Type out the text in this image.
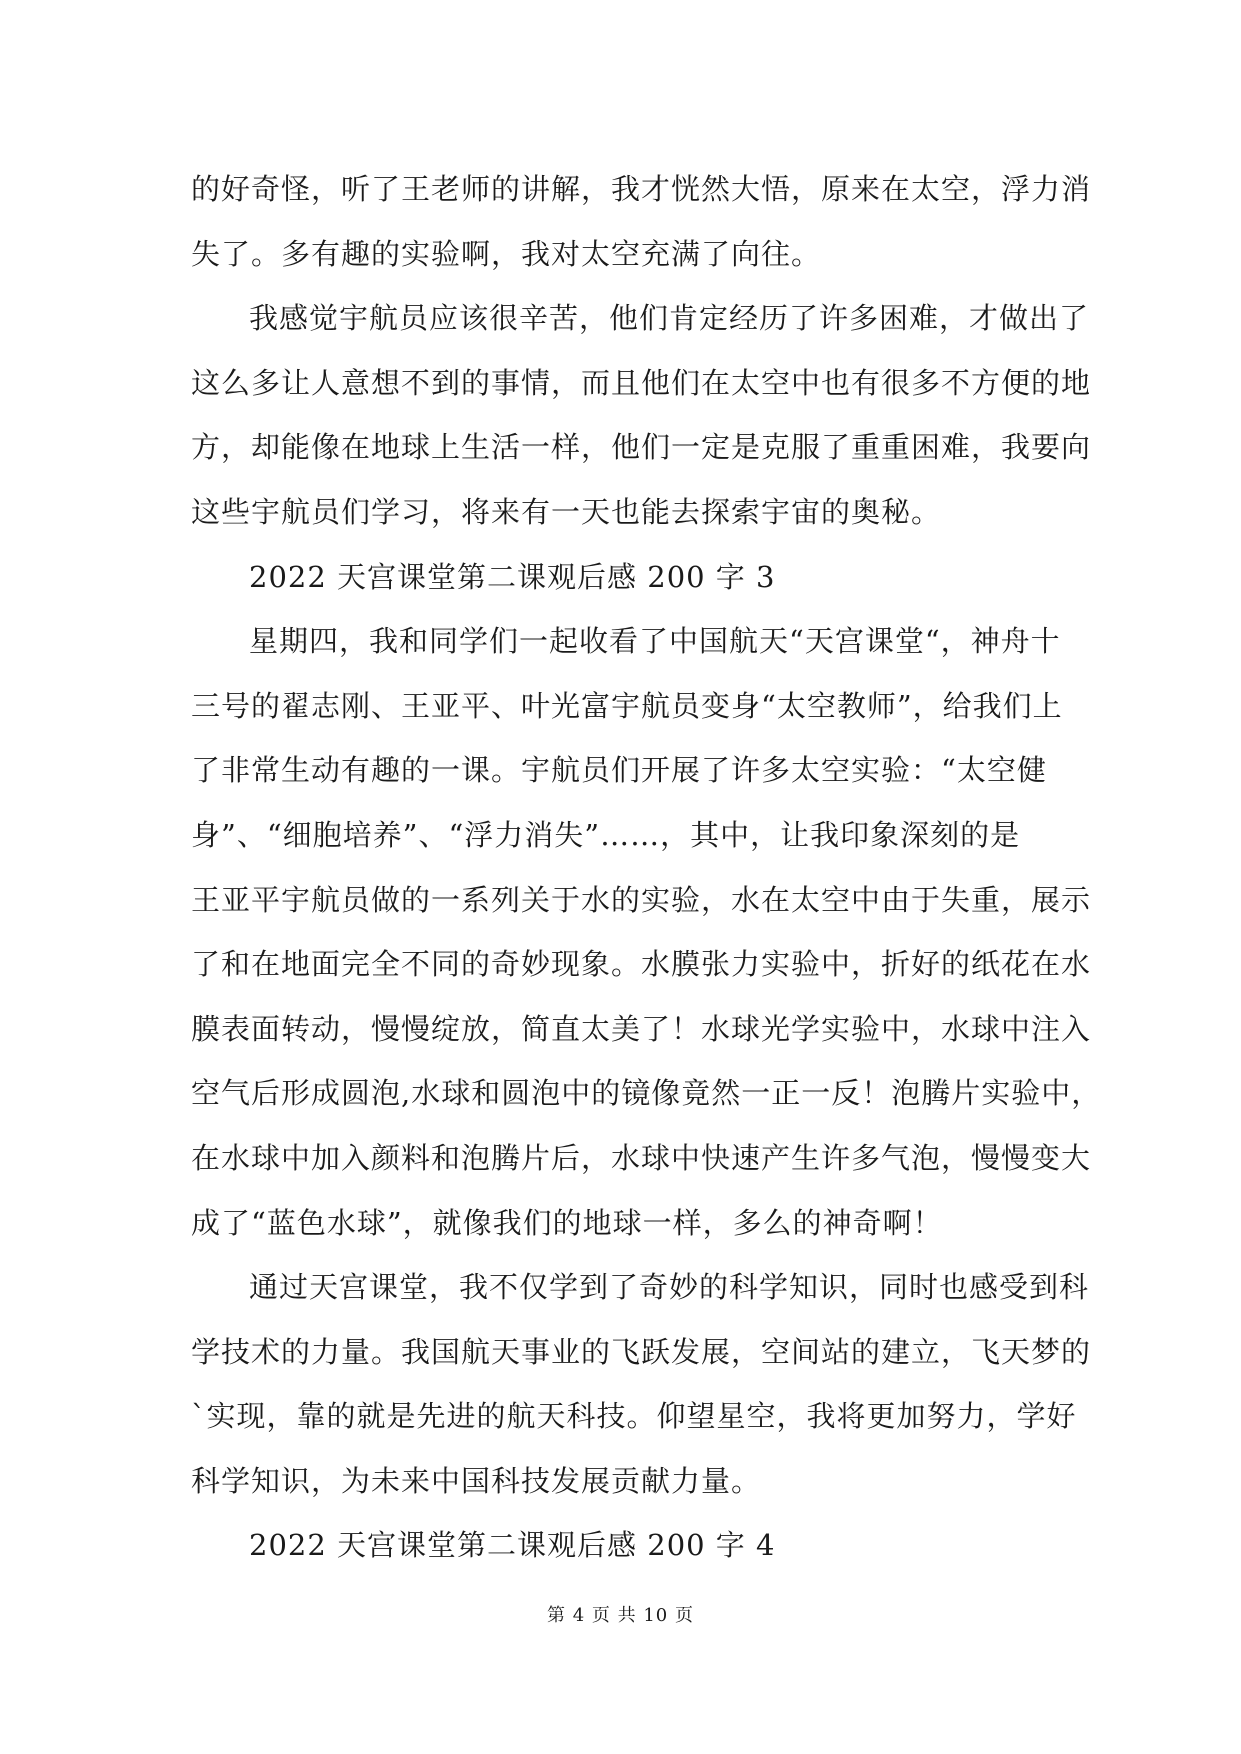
的好奇怪，听了王老师的讲解，我才恍然大悟，原来在太空，浮力消
失了。多有趣的实验啊，我对太空充满了向往。
我感觉宇航员应该很辛苦，他们肯定经历了许多困难，才做出了
这么多让人意想不到的事情，而且他们在太空中也有很多不方便的地
方，却能像在地球上生活一样，他们一定是克服了重重困难，我要向
这些宇航员们学习，将来有一天也能去探索宇宙的奥秘。
2022 天宫课堂第二课观后感 200 字 3
星期四，我和同学们一起收看了中国航天“天宫课堂“，神舟十
三号的翟志刚、王亚平、叶光富宇航员变身“太空教师”，给我们上
了非常生动有趣的一课。宇航员们开展了许多太空实验：“太空健
身”、“细胞培养”、“浮力消失”……，其中，让我印象深刻的是
王亚平宇航员做的一系列关于水的实验，水在太空中由于失重，展示
了和在地面完全不同的奇妙现象。水膜张力实验中，折好的纸花在水
膜表面转动，慢慢绽放，简直太美了！水球光学实验中，水球中注入
空气后形成圆泡,水球和圆泡中的镜像竟然一正一反！泡腾片实验中，
在水球中加入颜料和泡腾片后，水球中快速产生许多气泡，慢慢变大
成了“蓝色水球”，就像我们的地球一样，多么的神奇啊！
通过天宫课堂，我不仅学到了奇妙的科学知识，同时也感受到科
学技术的力量。我国航天事业的飞跃发展，空间站的建立，飞天梦的
`实现，靠的就是先进的航天科技。仰望星空，我将更加努力，学好
科学知识，为未来中国科技发展贡献力量。
2022 天宫课堂第二课观后感 200 字 4
第 4 页 共 10 页
